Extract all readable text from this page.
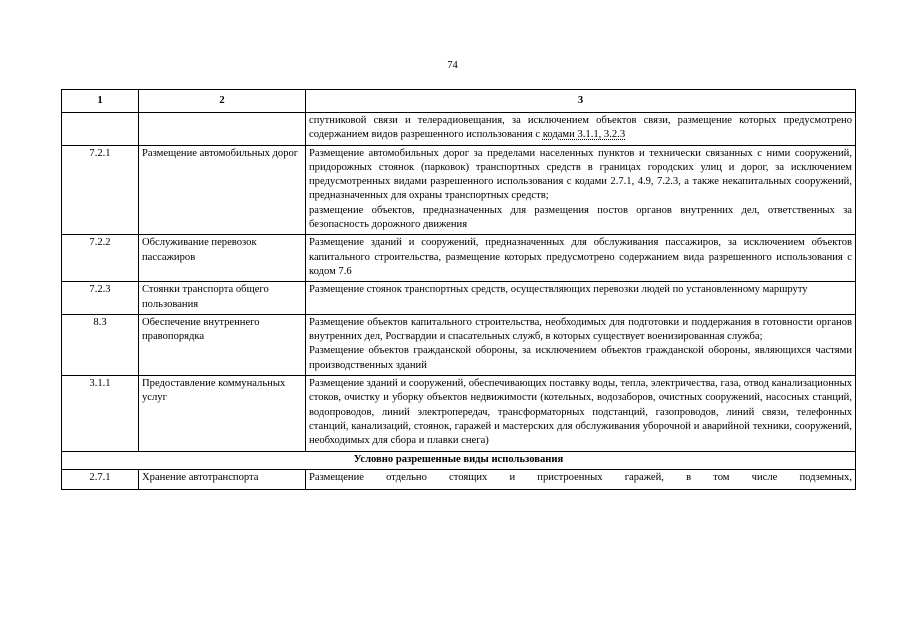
74
1	2	3

		спутниковой связи и телерадиовещания, за исключением объектов связи, размещение которых предусмотрено содержанием видов разрешенного использования с кодами 3.1.1, 3.2.3

7.2.1	Размещение автомобильных дорог	Размещение автомобильных дорог за пределами населенных пунктов и технически связанных с ними сооружений, придорожных стоянок (парковок) транспортных средств в границах городских улиц и дорог, за исключением предусмотренных видами разрешенного использования с кодами 2.7.1, 4.9, 7.2.3, а также некапитальных сооружений, предназначенных для охраны транспортных средств;
размещение объектов, предназначенных для размещения постов органов внутренних дел, ответственных за безопасность дорожного движения

7.2.2	Обслуживание перевозок пассажиров	Размещение зданий и сооружений, предназначенных для обслуживания пассажиров, за исключением объектов капитального строительства, размещение которых предусмотрено содержанием вида разрешенного использования с кодом 7.6

7.2.3	Стоянки транспорта общего пользования	Размещение стоянок транспортных средств, осуществляющих перевозки людей по установленному маршруту

8.3	Обеспечение внутреннего правопорядка	Размещение объектов капитального строительства, необходимых для подготовки и поддержания в готовности органов внутренних дел, Росгвардии и спасательных служб, в которых существует военизированная служба;
Размещение объектов гражданской обороны, за исключением объектов гражданской обороны, являющихся частями производственных зданий

3.1.1	Предоставление коммунальных услуг	Размещение зданий и сооружений, обеспечивающих поставку воды, тепла, электричества, газа, отвод канализационных стоков, очистку и уборку объектов недвижимости (котельных, водозаборов, очистных сооружений, насосных станций, водопроводов, линий электропередач, трансформаторных подстанций, газопроводов, линий связи, телефонных станций, канализаций, стоянок, гаражей и мастерских для обслуживания уборочной и аварийной техники, сооружений, необходимых для сбора и плавки снега)

Условно разрешенные виды использования		
2.7.1	Хранение автотранспорта	Размещение отдельно стоящих и пристроенных гаражей, в том числе подземных,
